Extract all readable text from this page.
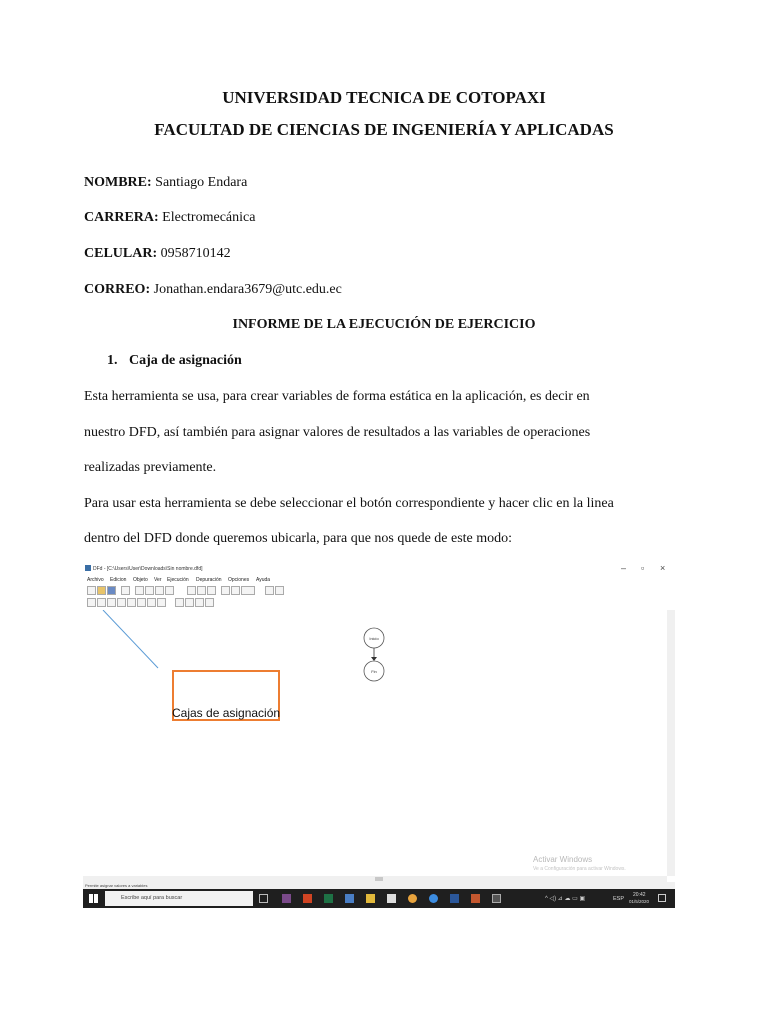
UNIVERSIDAD TECNICA DE COTOPAXI
FACULTAD DE CIENCIAS DE INGENIERÍA Y APLICADAS
NOMBRE: Santiago Endara
CARRERA: Electromecánica
CELULAR: 0958710142
CORREO: Jonathan.endara3679@utc.edu.ec
INFORME DE LA EJECUCIÓN DE EJERCICIO
1. Caja de asignación
Esta herramienta se usa, para crear variables de forma estática en la aplicación, es decir en
nuestro DFD, así también para asignar valores de resultados a las variables de operaciones
realizadas previamente.
Para usar esta herramienta se debe seleccionar el botón correspondiente y hacer clic en la linea
dentro del DFD donde queremos ubicarla, para que nos quede de este modo:
DFd - [C:\Users\User\Downloads\Sin nombre.dfd]	– ▫ ×
Archivo Edicion Objeto Ver Ejecución Depuración Opciones Ayuda
Inicio
Fin
Cajas de asignación
Activar Windows
Ve a Configuración para activar Windows.
Permite asignar valores a variables
Escribe aquí para buscar	^ ◁) ⊿ ☁ ▭ ▣	ESP
20:42
01/5/2020
